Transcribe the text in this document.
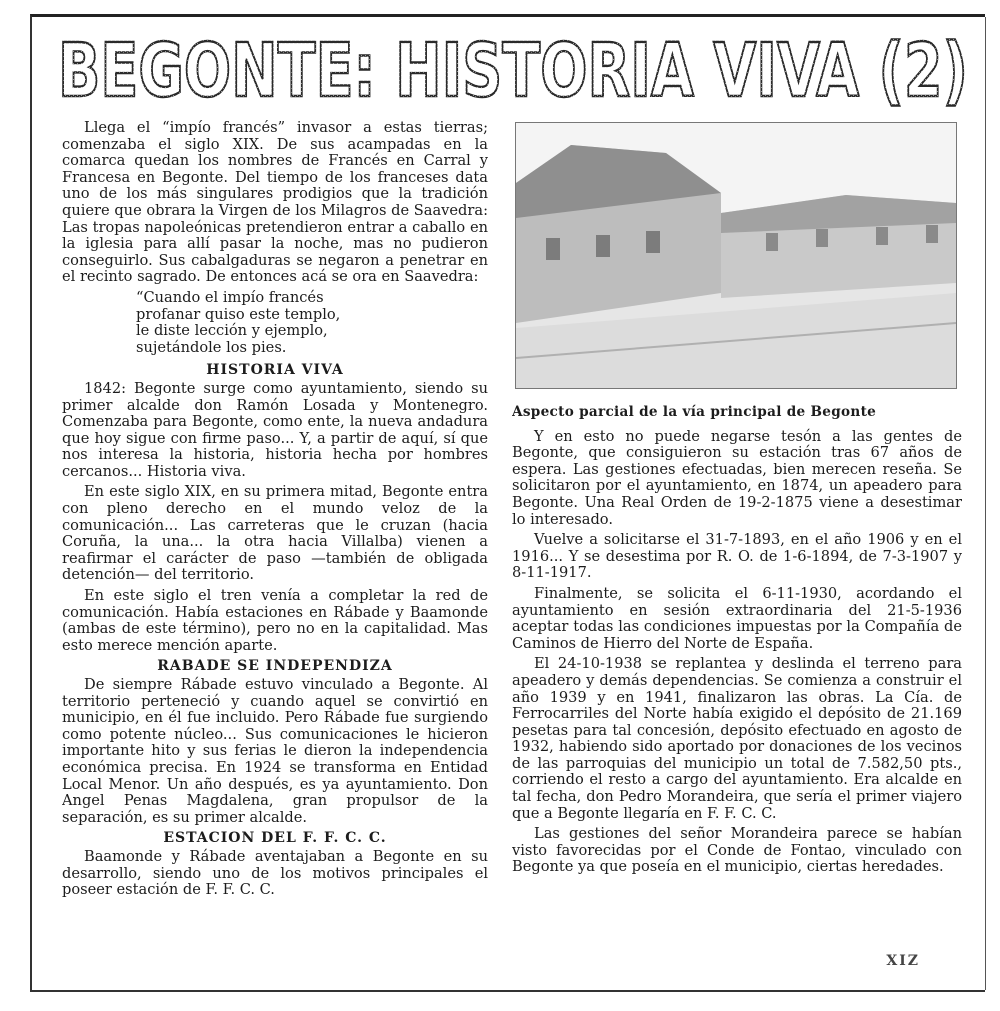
BEGONTE: HISTORIA VIVA (2)

Llega el “impío francés” invasor a estas tierras; comenzaba el siglo XIX. De sus acampadas en la comarca quedan los nombres de Francés en Carral y Francesa en Begonte. Del tiempo de los franceses data uno de los más singulares prodigios que la tradición quiere que obrara la Virgen de los Milagros de Saavedra: Las tropas napoleónicas pretendieron entrar a caballo en la iglesia para allí pasar la noche, mas no pudieron conseguirlo. Sus cabalgaduras se negaron a penetrar en el recinto sagrado. De entonces acá se ora en Saavedra:

“Cuando el impío francés
profanar quiso este templo,
le diste lección y ejemplo,
sujetándole los pies.
HISTORIA VIVA

1842: Begonte surge como ayuntamiento, siendo su primer alcalde don Ramón Losada y Montenegro. Comenzaba para Begonte, como ente, la nueva andadura que hoy sigue con firme paso... Y, a partir de aquí, sí que nos interesa la historia, historia hecha por hombres cercanos... Historia viva.

En este siglo XIX, en su primera mitad, Begonte entra con pleno derecho en el mundo veloz de la comunicación... Las carreteras que le cruzan (hacia Coruña, la una... la otra hacia Villalba) vienen a reafirmar el carácter de paso —también de obligada detención— del territorio.

En este siglo el tren venía a completar la red de comunicación. Había estaciones en Rábade y Baamonde (ambas de este término), pero no en la capitalidad. Mas esto merece mención aparte.

RABADE SE INDEPENDIZA

De siempre Rábade estuvo vinculado a Begonte. Al territorio perteneció y cuando aquel se convirtió en municipio, en él fue incluido. Pero Rábade fue surgiendo como potente núcleo... Sus comunicaciones le hicieron importante hito y sus ferias le dieron la independencia económica precisa. En 1924 se transforma en Entidad Local Menor. Un año después, es ya ayuntamiento. Don Angel Penas Magdalena, gran propulsor de la separación, es su primer alcalde.

ESTACION DEL F. F. C. C.

Baamonde y Rábade aventajaban a Begonte en su desarrollo, siendo uno de los motivos principales el poseer estación de F. F. C. C.

Aspecto parcial de la vía principal de Begonte

Y en esto no puede negarse tesón a las gentes de Begonte, que consiguieron su estación tras 67 años de espera. Las gestiones efectuadas, bien merecen reseña. Se solicitaron por el ayuntamiento, en 1874, un apeadero para Begonte. Una Real Orden de 19-2-1875 viene a desestimar lo interesado.

Vuelve a solicitarse el 31-7-1893, en el año 1906 y en el 1916... Y se desestima por R. O. de 1-6-1894, de 7-3-1907 y 8-11-1917.

Finalmente, se solicita el 6-11-1930, acordando el ayuntamiento en sesión extraordinaria del 21-5-1936 aceptar todas las condiciones impuestas por la Compañía de Caminos de Hierro del Norte de España.

El 24-10-1938 se replantea y deslinda el terreno para apeadero y demás dependencias. Se comienza a construir el año 1939 y en 1941, finalizaron las obras. La Cía. de Ferrocarriles del Norte había exigido el depósito de 21.169 pesetas para tal concesión, depósito efectuado en agosto de 1932, habiendo sido aportado por donaciones de los vecinos de las parroquias del municipio un total de 7.582,50 pts., corriendo el resto a cargo del ayuntamiento. Era alcalde en tal fecha, don Pedro Morandeira, que sería el primer viajero que a Begonte llegaría en F. F. C. C.

Las gestiones del señor Morandeira parece se habían visto favorecidas por el Conde de Fontao, vinculado con Begonte ya que poseía en el municipio, ciertas heredades.

XIZ
